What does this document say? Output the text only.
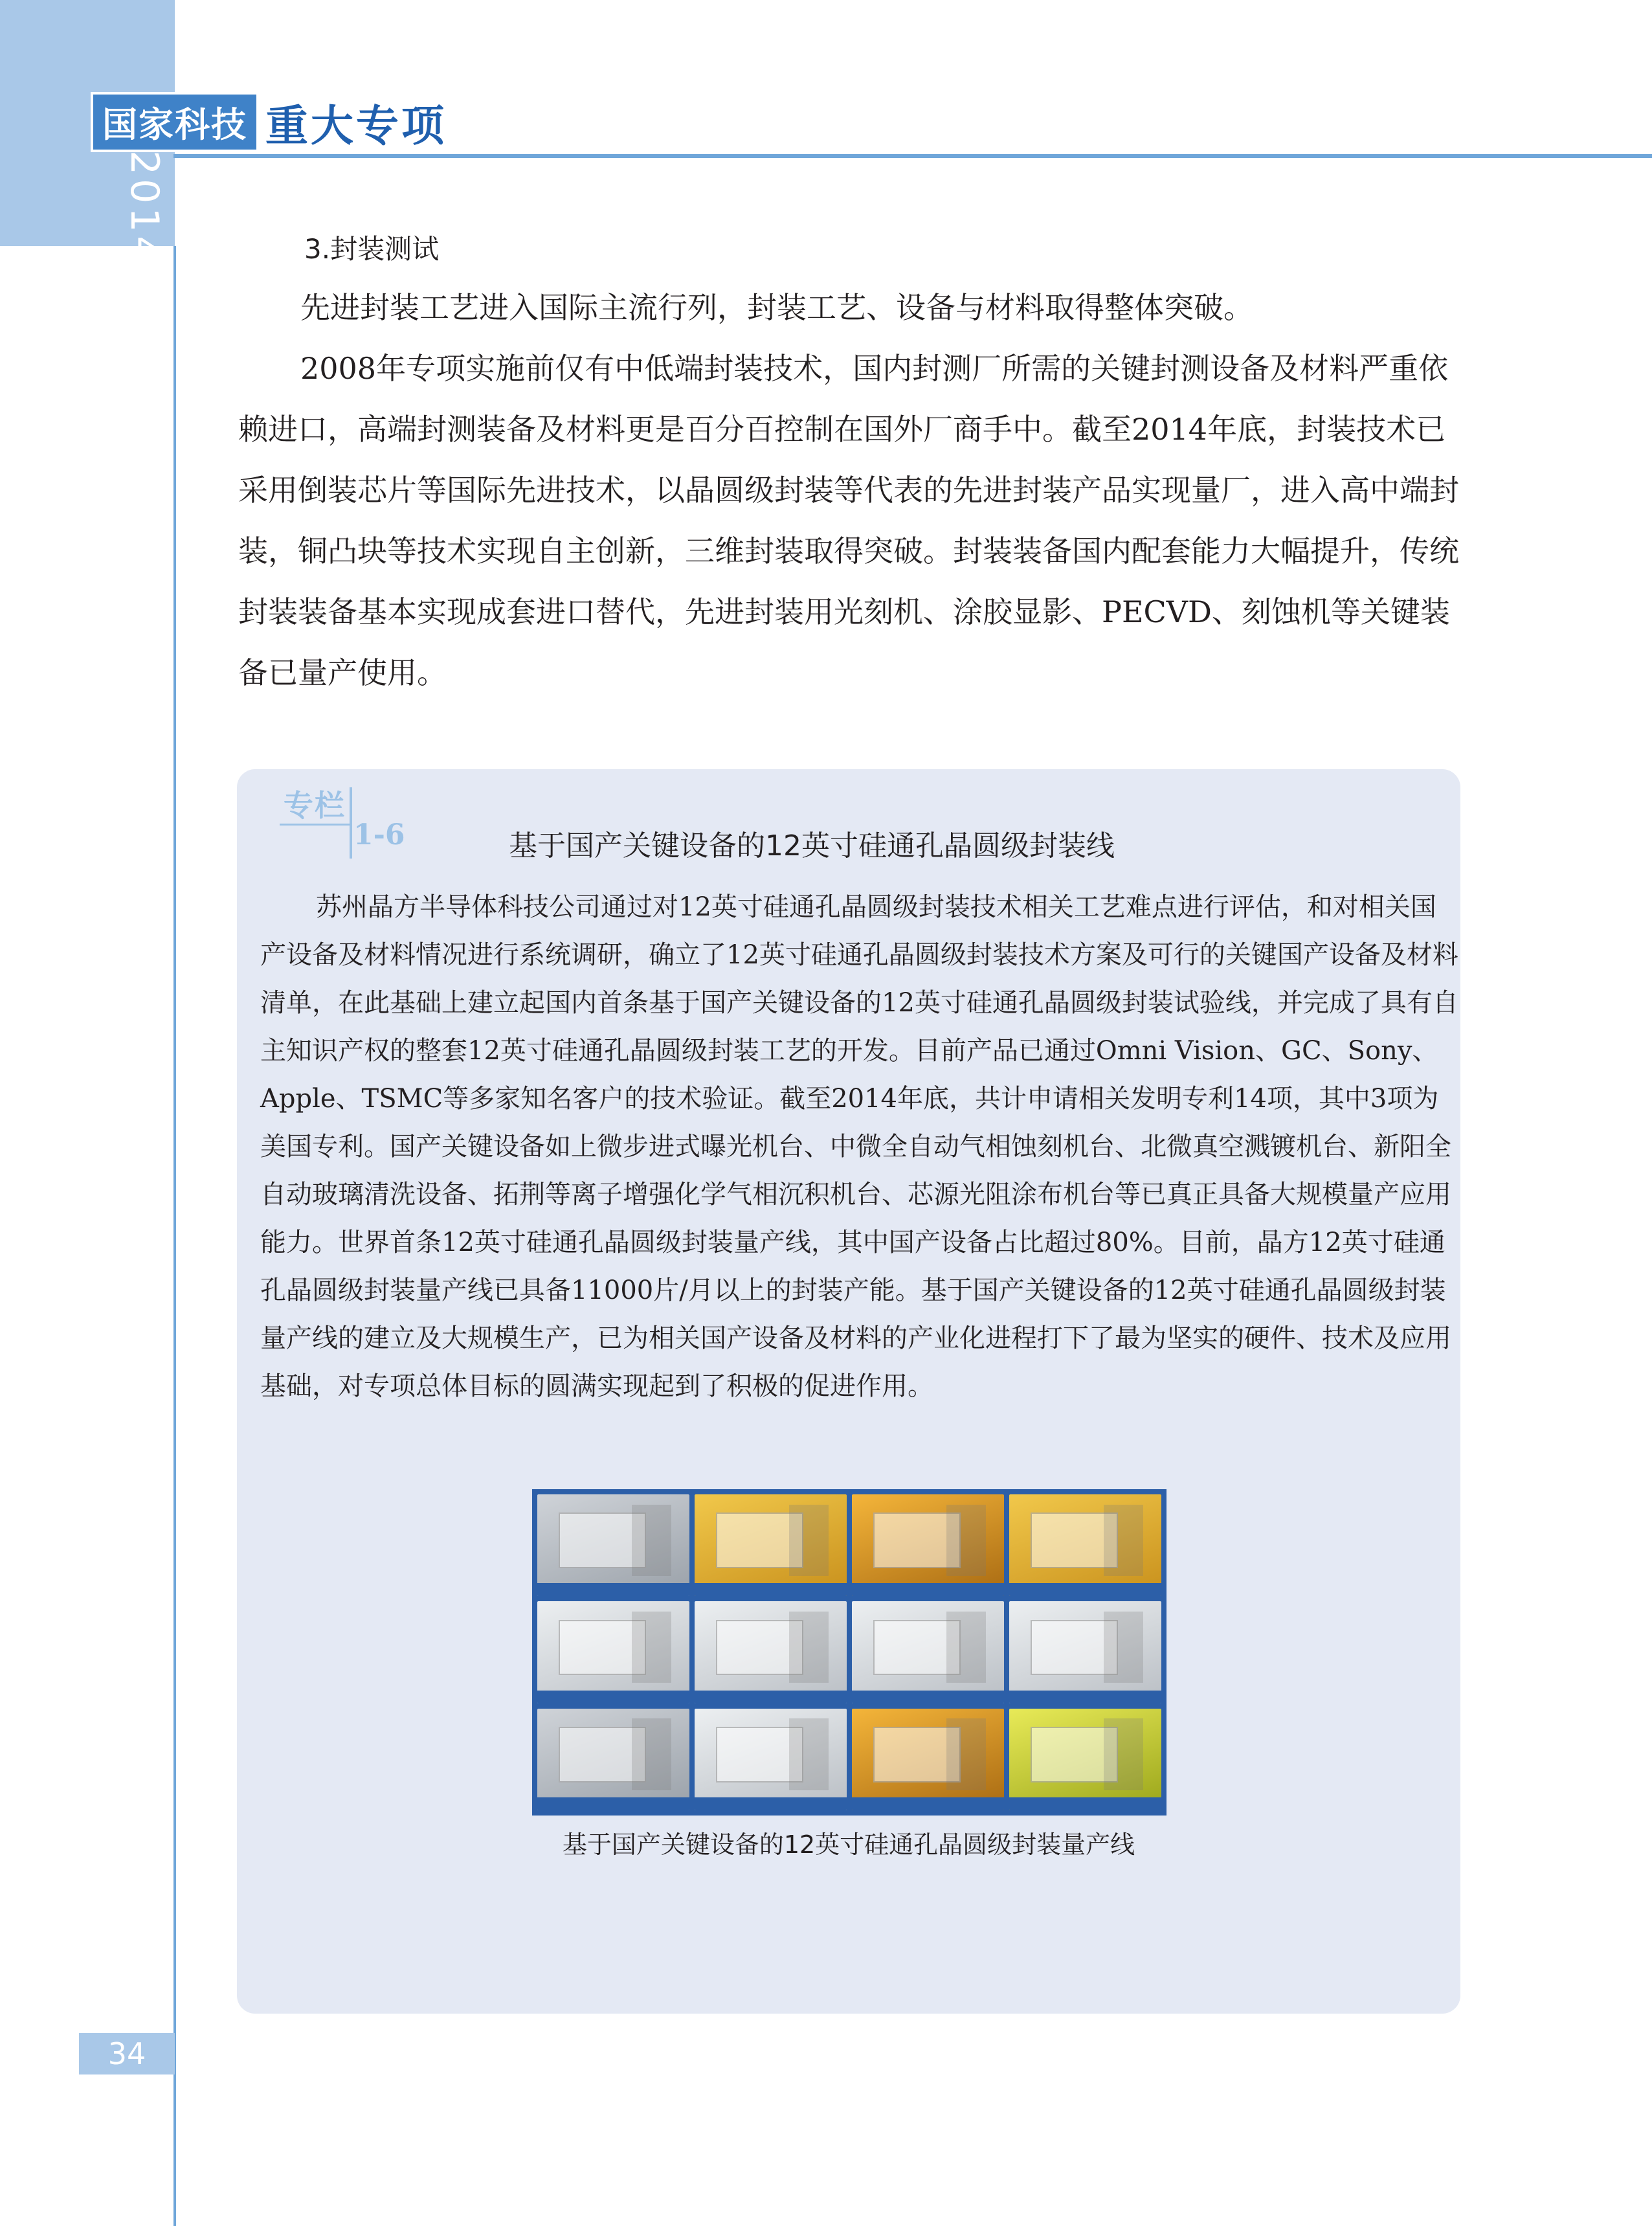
国家科技 重大专项
2014 年度报告	3.封装测试

先进封装工艺进入国际主流行列，封装工艺、设备与材料取得整体突破。

2008年专项实施前仅有中低端封装技术，国内封测厂所需的关键封测设备及材料严重依赖进口，高端封测装备及材料更是百分百控制在国外厂商手中。截至2014年底，封装技术已采用倒装芯片等国际先进技术，以晶圆级封装等代表的先进封装产品实现量厂，进入高中端封装，铜凸块等技术实现自主创新，三维封装取得突破。封装装备国内配套能力大幅提升，传统封装装备基本实现成套进口替代，先进封装用光刻机、涂胶显影、PECVD、刻蚀机等关键装备已量产使用。

专栏
1-6	基于国产关键设备的12英寸硅通孔晶圆级封装线

苏州晶方半导体科技公司通过对12英寸硅通孔晶圆级封装技术相关工艺难点进行评估，和对相关国产设备及材料情况进行系统调研，确立了12英寸硅通孔晶圆级封装技术方案及可行的关键国产设备及材料清单，在此基础上建立起国内首条基于国产关键设备的12英寸硅通孔晶圆级封装试验线，并完成了具有自主知识产权的整套12英寸硅通孔晶圆级封装工艺的开发。目前产品已通过Omni Vision、GC、Sony、Apple、TSMC等多家知名客户的技术验证。截至2014年底，共计申请相关发明专利14项，其中3项为美国专利。国产关键设备如上微步进式曝光机台、中微全自动气相蚀刻机台、北微真空溅镀机台、新阳全自动玻璃清洗设备、拓荆等离子增强化学气相沉积机台、芯源光阻涂布机台等已真正具备大规模量产应用能力。世界首条12英寸硅通孔晶圆级封装量产线，其中国产设备占比超过80%。目前，晶方12英寸硅通孔晶圆级封装量产线已具备11000片/月以上的封装产能。基于国产关键设备的12英寸硅通孔晶圆级封装量产线的建立及大规模生产，已为相关国产设备及材料的产业化进程打下了最为坚实的硬件、技术及应用基础，对专项总体目标的圆满实现起到了积极的促进作用。

基于国产关键设备的12英寸硅通孔晶圆级封装量产线
34
